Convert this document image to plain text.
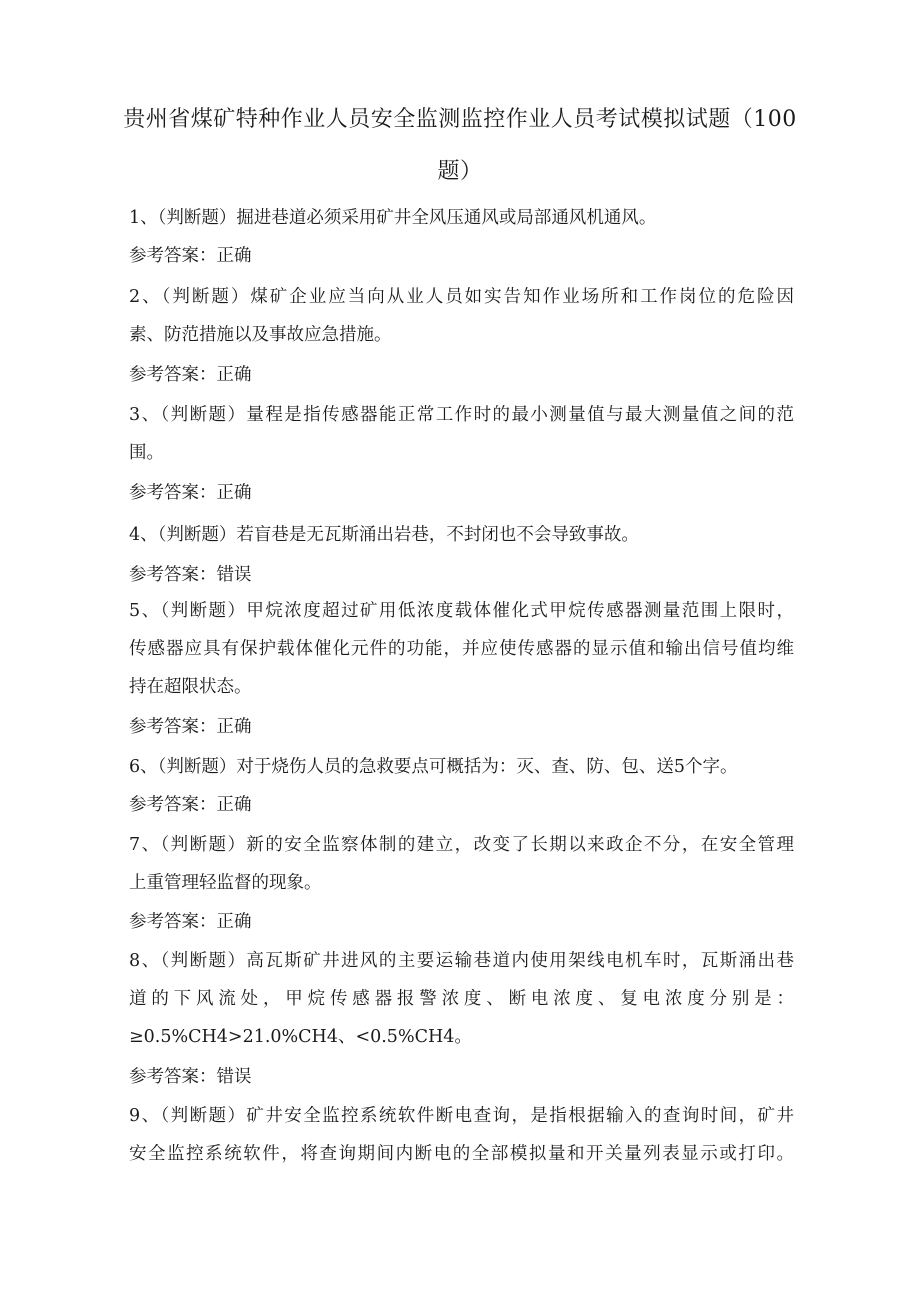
贵州省煤矿特种作业人员安全监测监控作业人员考试模拟试题（100
题）
1、（判断题）掘进巷道必须采用矿井全风压通风或局部通风机通风。
参考答案：正确
2、（判断题）煤矿企业应当向从业人员如实告知作业场所和工作岗位的危险因
素、防范措施以及事故应急措施。
参考答案：正确
3、（判断题）量程是指传感器能正常工作时的最小测量值与最大测量值之间的范
围。
参考答案：正确
4、（判断题）若盲巷是无瓦斯涌出岩巷，不封闭也不会导致事故。
参考答案：错误
5、（判断题）甲烷浓度超过矿用低浓度载体催化式甲烷传感器测量范围上限时，
传感器应具有保护载体催化元件的功能，并应使传感器的显示值和输出信号值均维
持在超限状态。
参考答案：正确
6、（判断题）对于烧伤人员的急救要点可概括为：灭、查、防、包、送5个字。
参考答案：正确
7、（判断题）新的安全监察体制的建立，改变了长期以来政企不分，在安全管理
上重管理轻监督的现象。
参考答案：正确
8、（判断题）高瓦斯矿井进风的主要运输巷道内使用架线电机车时，瓦斯涌出巷
道的下风流处，甲烷传感器报警浓度、断电浓度、复电浓度分别是：
≥0.5%CH4>21.0%CH4、<0.5%CH4。
参考答案：错误
9、（判断题）矿井安全监控系统软件断电查询，是指根据输入的查询时间，矿井
安全监控系统软件，将查询期间内断电的全部模拟量和开关量列表显示或打印。
